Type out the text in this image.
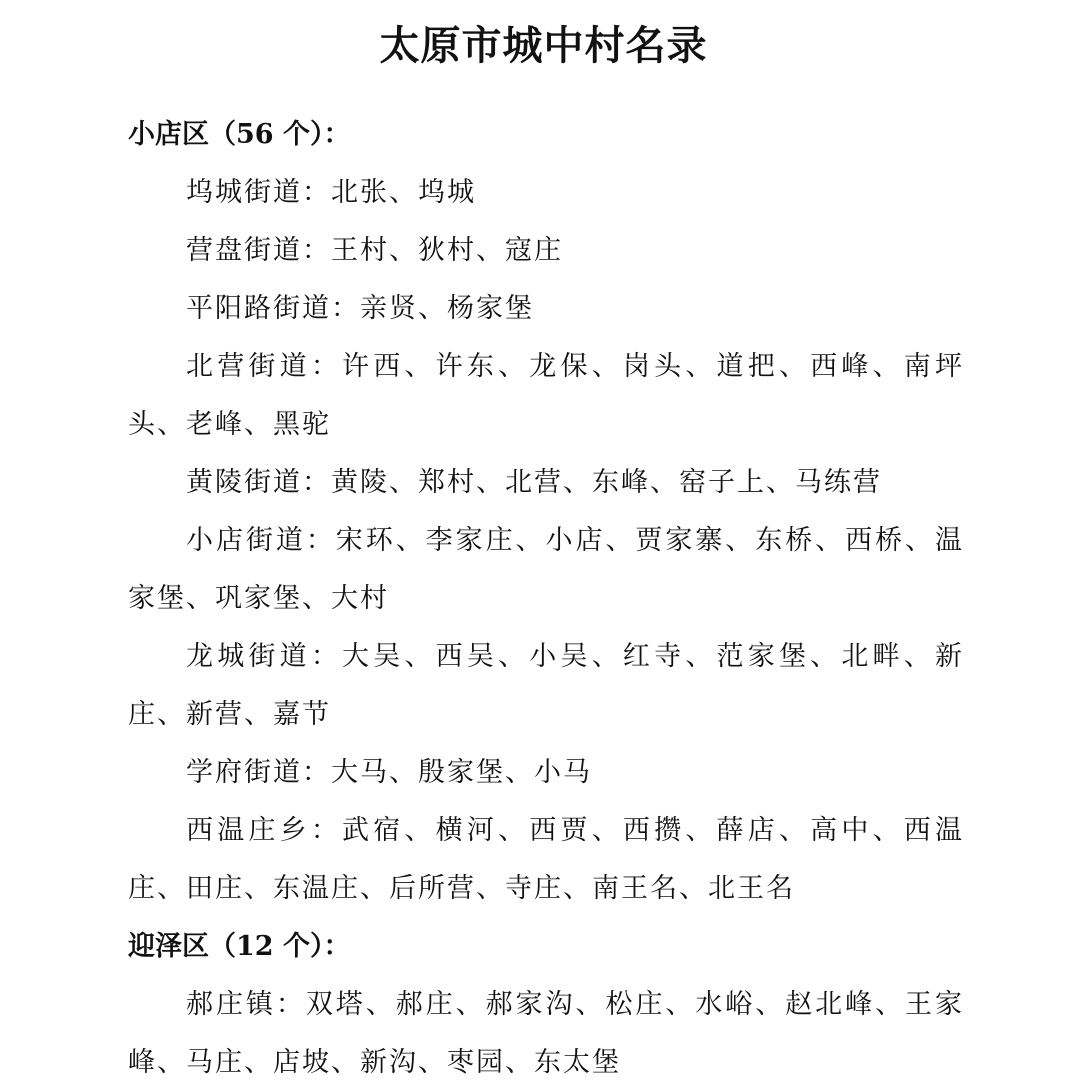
太原市城中村名录

小店区（56 个）：

坞城街道：北张、坞城

营盘街道：王村、狄村、寇庄

平阳路街道：亲贤、杨家堡

北营街道：许西、许东、龙保、岗头、道把、西峰、南坪头、老峰、黑驼

黄陵街道：黄陵、郑村、北营、东峰、窑子上、马练营

小店街道：宋环、李家庄、小店、贾家寨、东桥、西桥、温家堡、巩家堡、大村

龙城街道：大吴、西吴、小吴、红寺、范家堡、北畔、新庄、新营、嘉节

学府街道：大马、殷家堡、小马

西温庄乡：武宿、横河、西贾、西攒、薛店、高中、西温庄、田庄、东温庄、后所营、寺庄、南王名、北王名

迎泽区（12 个）：

郝庄镇：双塔、郝庄、郝家沟、松庄、水峪、赵北峰、王家峰、马庄、店坡、新沟、枣园、东太堡
